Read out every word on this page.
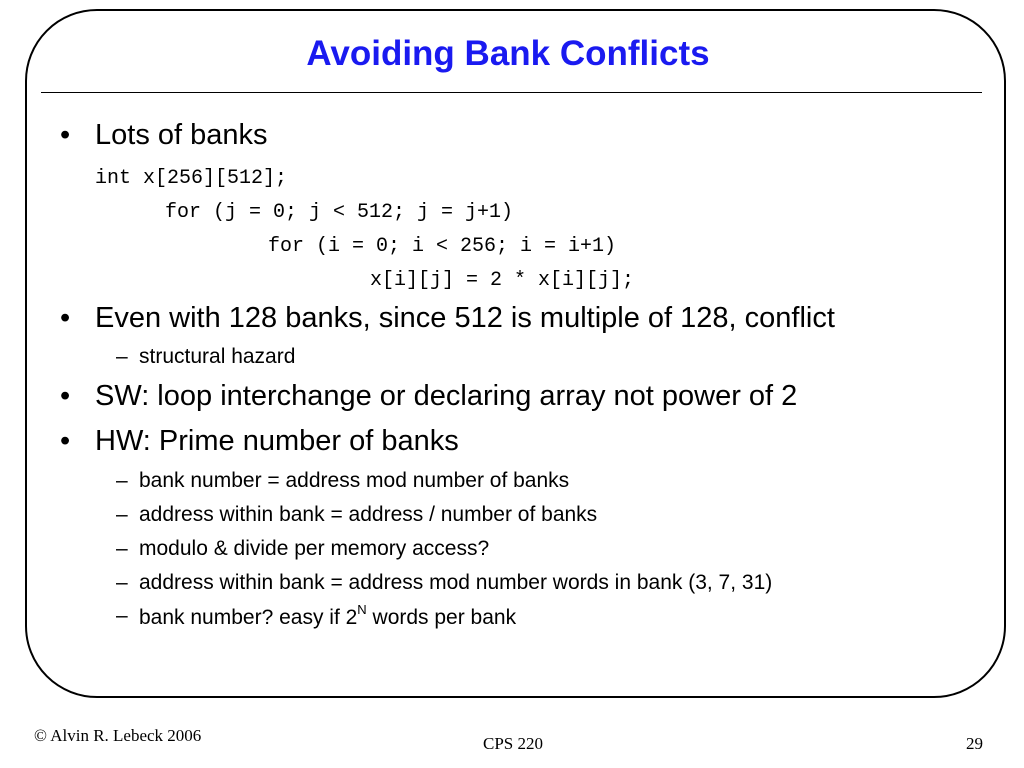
Avoiding Bank Conflicts
• Lots of banks
int x[256][512];
for (j = 0; j < 512; j = j+1)
for (i = 0; i < 256; i = i+1)
x[i][j] = 2 * x[i][j];
• Even with 128 banks, since 512 is multiple of 128, conflict
– structural hazard
• SW: loop interchange or declaring array not power of 2
• HW: Prime number of banks
– bank number = address mod number of banks
– address within bank = address / number of banks
– modulo & divide per memory access?
– address within bank = address mod number words in bank (3, 7, 31)
– bank number? easy if $2^N$ words per bank
© Alvin R. Lebeck 2006	CPS 220	29
